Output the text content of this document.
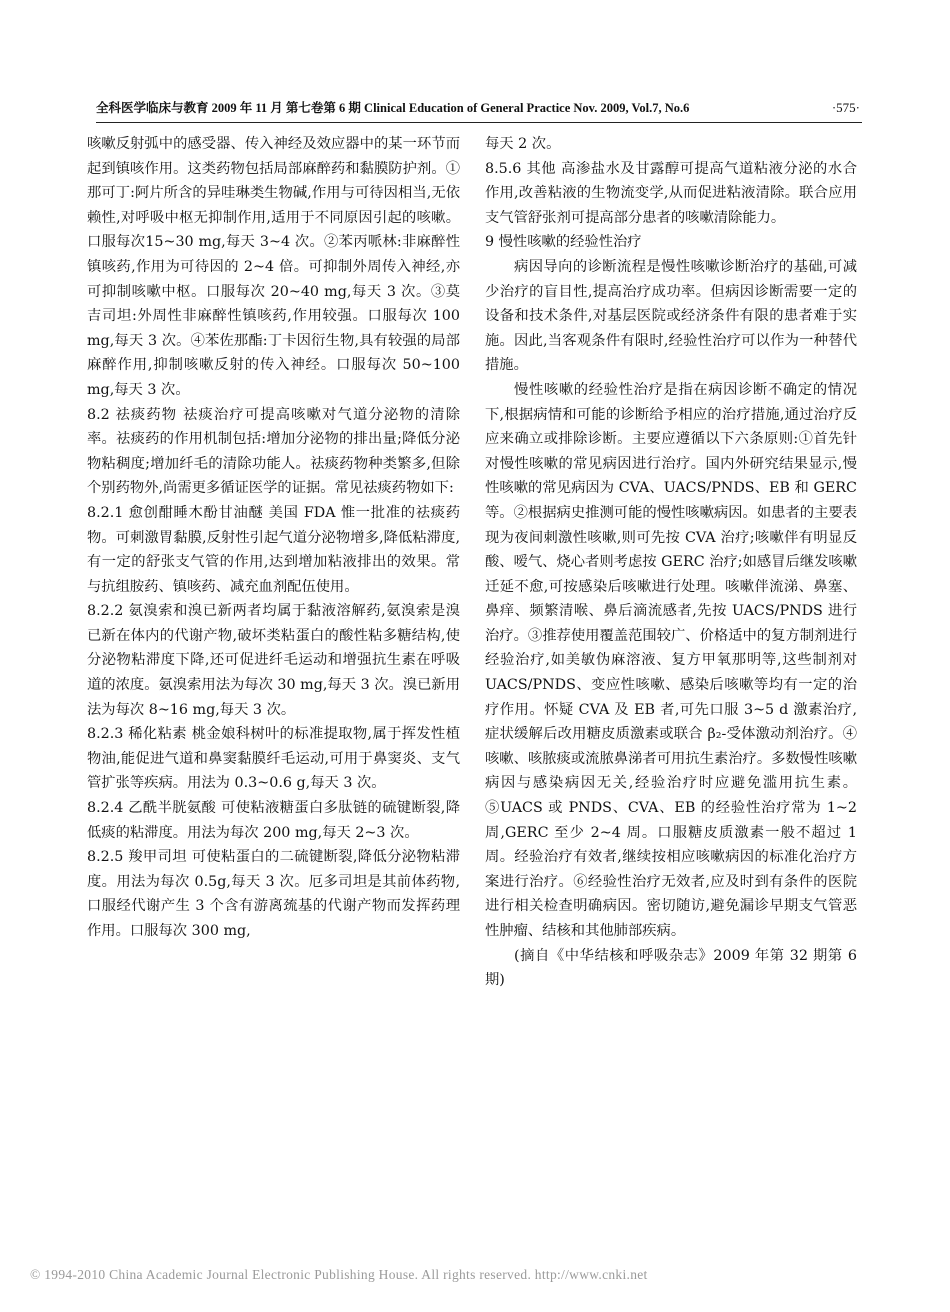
全科医学临床与教育 2009 年 11 月 第七卷第 6 期 Clinical Education of General Practice Nov. 2009, Vol.7, No.6	·575·

咳嗽反射弧中的感受器、传入神经及效应器中的某一环节而起到镇咳作用。这类药物包括局部麻醉药和黏膜防护剂。①那可丁:阿片所含的异哇琳类生物碱,作用与可待因相当,无依赖性,对呼吸中枢无抑制作用,适用于不同原因引起的咳嗽。口服每次15~30 mg,每天 3~4 次。②苯丙哌林:非麻醉性镇咳药,作用为可待因的 2~4 倍。可抑制外周传入神经,亦可抑制咳嗽中枢。口服每次 20~40 mg,每天 3 次。③莫吉司坦:外周性非麻醉性镇咳药,作用较强。口服每次 100 mg,每天 3 次。④苯佐那酯:丁卡因衍生物,具有较强的局部麻醉作用,抑制咳嗽反射的传入神经。口服每次 50~100 mg,每天 3 次。

8.2 祛痰药物 祛痰治疗可提高咳嗽对气道分泌物的清除率。祛痰药的作用机制包括:增加分泌物的排出量;降低分泌物粘稠度;增加纤毛的清除功能人。祛痰药物种类繁多,但除个别药物外,尚需更多循证医学的证据。常见祛痰药物如下:

8.2.1 愈创酣睡木酚甘油醚 美国 FDA 惟一批准的祛痰药物。可刺激胃黏膜,反射性引起气道分泌物增多,降低粘滞度,有一定的舒张支气管的作用,达到增加粘液排出的效果。常与抗组胺药、镇咳药、减充血剂配伍使用。

8.2.2 氨溴索和溴已新两者均属于黏液溶解药,氨溴索是溴已新在体内的代谢产物,破坏类粘蛋白的酸性粘多糖结构,使分泌物粘滞度下降,还可促进纤毛运动和增强抗生素在呼吸道的浓度。氨溴索用法为每次 30 mg,每天 3 次。溴已新用法为每次 8~16 mg,每天 3 次。

8.2.3 稀化粘素 桃金娘科树叶的标准提取物,属于挥发性植物油,能促进气道和鼻窦黏膜纤毛运动,可用于鼻窦炎、支气管扩张等疾病。用法为 0.3~0.6 g,每天 3 次。

8.2.4 乙酰半胱氨酸 可使粘液糖蛋白多肽链的硫键断裂,降低痰的粘滞度。用法为每次 200 mg,每天 2~3 次。

8.2.5 羧甲司坦 可使粘蛋白的二硫键断裂,降低分泌物粘滞度。用法为每次 0.5g,每天 3 次。厄多司坦是其前体药物,口服经代谢产生 3 个含有游离巯基的代谢产物而发挥药理作用。口服每次 300 mg,

每天 2 次。

8.5.6 其他 高渗盐水及甘露醇可提高气道粘液分泌的水合作用,改善粘液的生物流变学,从而促进粘液清除。联合应用支气管舒张剂可提高部分患者的咳嗽清除能力。

9 慢性咳嗽的经验性治疗

病因导向的诊断流程是慢性咳嗽诊断治疗的基础,可减少治疗的盲目性,提高治疗成功率。但病因诊断需要一定的设备和技术条件,对基层医院或经济条件有限的患者难于实施。因此,当客观条件有限时,经验性治疗可以作为一种替代措施。

慢性咳嗽的经验性治疗是指在病因诊断不确定的情况下,根据病情和可能的诊断给予相应的治疗措施,通过治疗反应来确立或排除诊断。主要应遵循以下六条原则:①首先针对慢性咳嗽的常见病因进行治疗。国内外研究结果显示,慢性咳嗽的常见病因为 CVA、UACS/PNDS、EB 和 GERC 等。②根据病史推测可能的慢性咳嗽病因。如患者的主要表现为夜间刺激性咳嗽,则可先按 CVA 治疗;咳嗽伴有明显反酸、嗳气、烧心者则考虑按 GERC 治疗;如感冒后继发咳嗽迁延不愈,可按感染后咳嗽进行处理。咳嗽伴流涕、鼻塞、鼻痒、频繁清喉、鼻后滴流感者,先按 UACS/PNDS 进行治疗。③推荐使用覆盖范围较广、价格适中的复方制剂进行经验治疗,如美敏伪麻溶液、复方甲氧那明等,这些制剂对 UACS/PNDS、变应性咳嗽、感染后咳嗽等均有一定的治疗作用。怀疑 CVA 及 EB 者,可先口服 3~5 d 激素治疗,症状缓解后改用糖皮质激素或联合 β₂-受体激动剂治疗。④咳嗽、咳脓痰或流脓鼻涕者可用抗生素治疗。多数慢性咳嗽病因与感染病因无关,经验治疗时应避免滥用抗生素。⑤UACS 或 PNDS、CVA、EB 的经验性治疗常为 1~2 周,GERC 至少 2~4 周。口服糖皮质激素一般不超过 1 周。经验治疗有效者,继续按相应咳嗽病因的标准化治疗方案进行治疗。⑥经验性治疗无效者,应及时到有条件的医院进行相关检查明确病因。密切随访,避免漏诊早期支气管恶性肿瘤、结核和其他肺部疾病。

(摘自《中华结核和呼吸杂志》2009 年第 32 期第 6 期)

© 1994-2010 China Academic Journal Electronic Publishing House. All rights reserved. http://www.cnki.net
